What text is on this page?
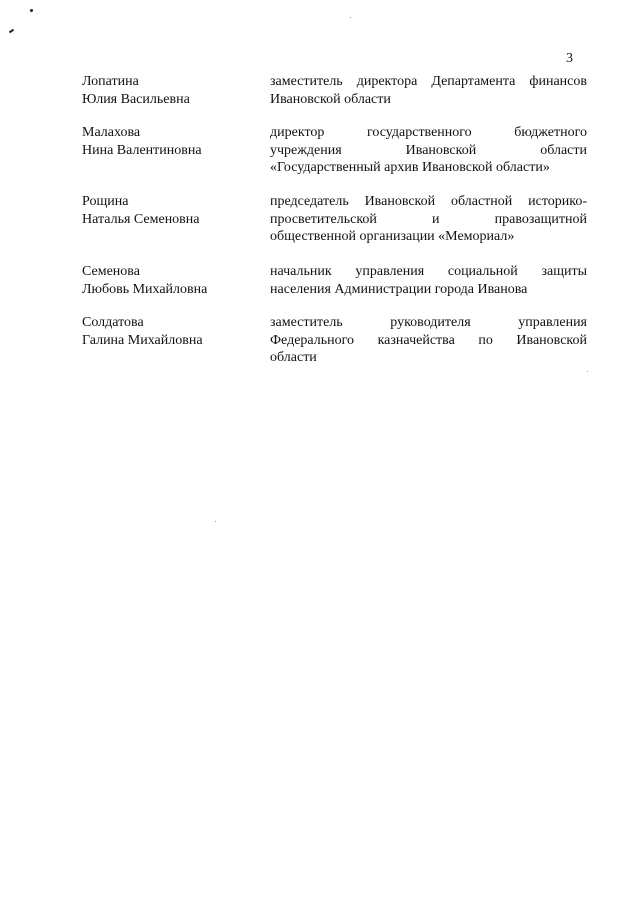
3
Лопатина
Юлия Васильевна
заместитель директора Департамента финансов
Ивановской области
Малахова
Нина Валентиновна
директор государственного бюджетного
учреждения Ивановской области
«Государственный архив Ивановской области»
Рощина
Наталья Семеновна
председатель Ивановской областной историко-
просветительской и правозащитной
общественной организации «Мемориал»
Семенова
Любовь Михайловна
начальник управления социальной защиты
населения Администрации города Иванова
Солдатова
Галина Михайловна
заместитель руководителя управления
Федерального казначейства по Ивановской
области
